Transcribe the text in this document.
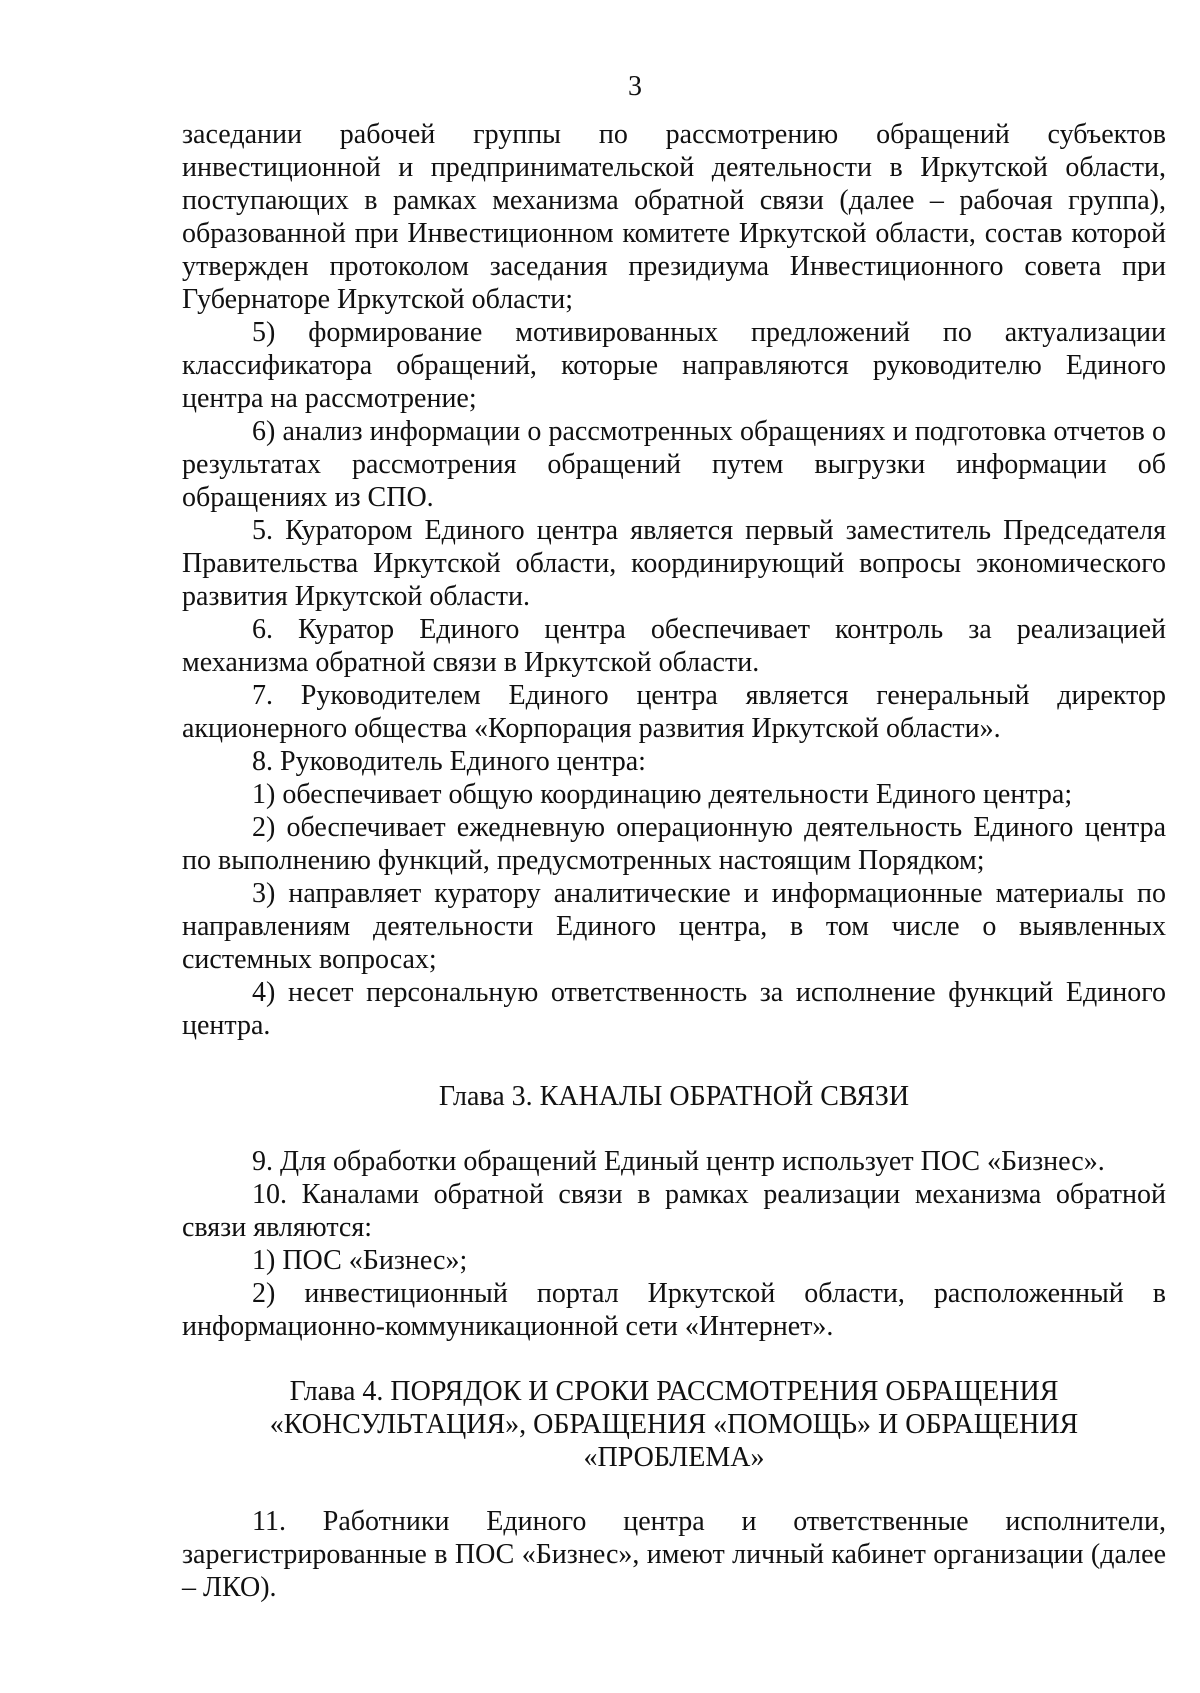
3

заседании рабочей группы по рассмотрению обращений субъектов инвестиционной и предпринимательской деятельности в Иркутской области, поступающих в рамках механизма обратной связи (далее – рабочая группа), образованной при Инвестиционном комитете Иркутской области, состав которой утвержден протоколом заседания президиума Инвестиционного совета при Губернаторе Иркутской области;

5) формирование мотивированных предложений по актуализации классификатора обращений, которые направляются руководителю Единого центра на рассмотрение;

6) анализ информации о рассмотренных обращениях и подготовка отчетов о результатах рассмотрения обращений путем выгрузки информации об обращениях из СПО.

5. Куратором Единого центра является первый заместитель Председателя Правительства Иркутской области, координирующий вопросы экономического развития Иркутской области.

6. Куратор Единого центра обеспечивает контроль за реализацией механизма обратной связи в Иркутской области.

7. Руководителем Единого центра является генеральный директор акционерного общества «Корпорация развития Иркутской области».

8. Руководитель Единого центра:

1) обеспечивает общую координацию деятельности Единого центра;

2) обеспечивает ежедневную операционную деятельность Единого центра по выполнению функций, предусмотренных настоящим Порядком;

3) направляет куратору аналитические и информационные материалы по направлениям деятельности Единого центра, в том числе о выявленных системных вопросах;

4) несет персональную ответственность за исполнение функций Единого центра.

Глава 3. КАНАЛЫ ОБРАТНОЙ СВЯЗИ

9. Для обработки обращений Единый центр использует ПОС «Бизнес».

10. Каналами обратной связи в рамках реализации механизма обратной связи являются:

1) ПОС «Бизнес»;

2) инвестиционный портал Иркутской области, расположенный в информационно-коммуникационной сети «Интернет».

Глава 4. ПОРЯДОК И СРОКИ РАССМОТРЕНИЯ ОБРАЩЕНИЯ
«КОНСУЛЬТАЦИЯ», ОБРАЩЕНИЯ «ПОМОЩЬ» И ОБРАЩЕНИЯ
«ПРОБЛЕМА»

11. Работники Единого центра и ответственные исполнители, зарегистрированные в ПОС «Бизнес», имеют личный кабинет организации (далее – ЛКО).
